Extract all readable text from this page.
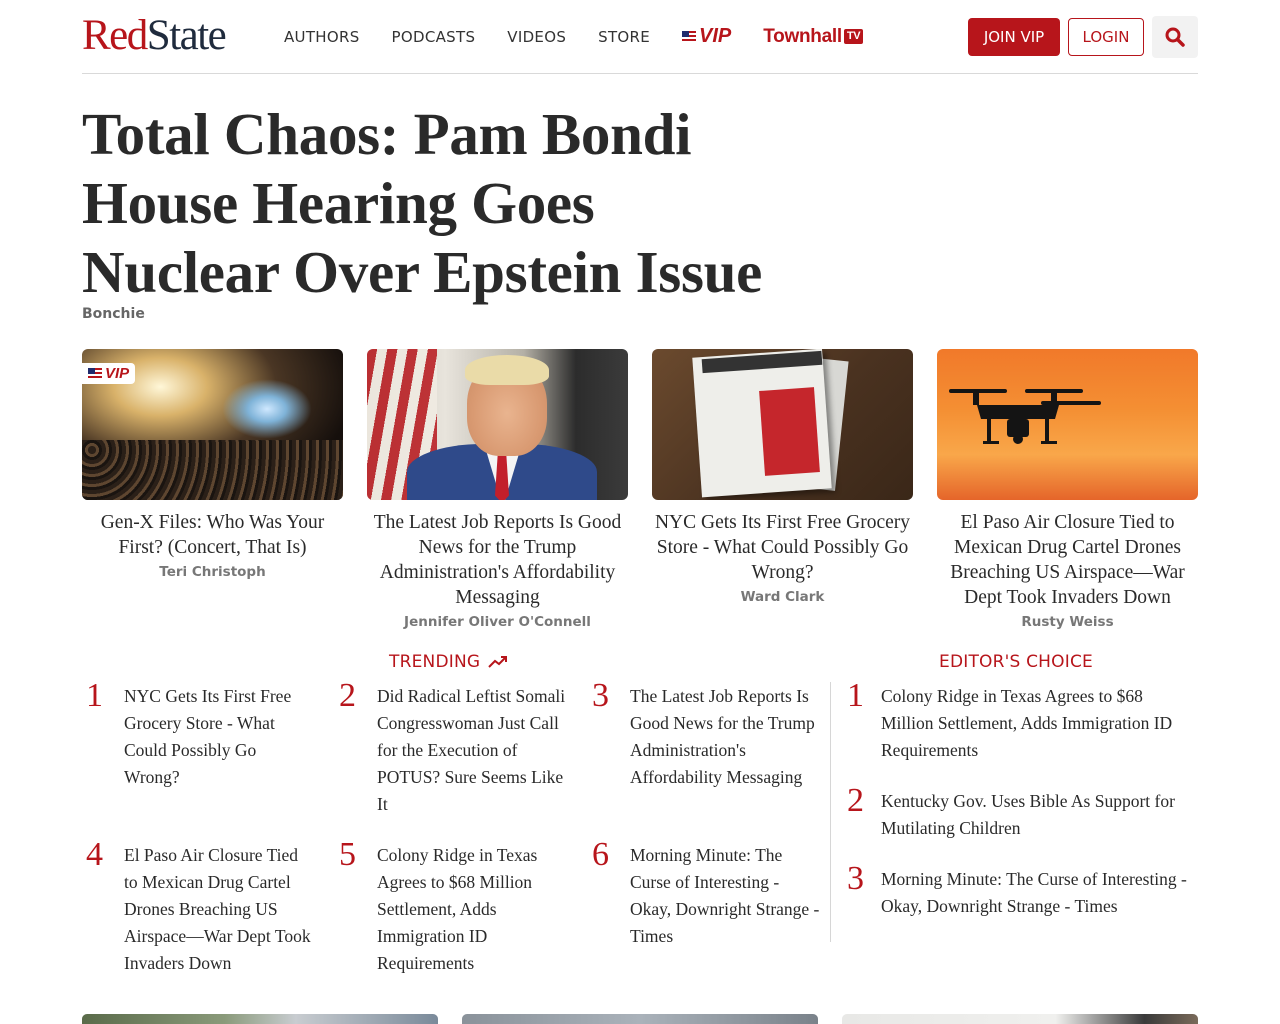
RedState	AUTHORS PODCASTS VIDEOS STORE VIP Townhall TV	JOIN VIP	LOGIN
Total Chaos: Pam Bondi House Hearing Goes Nuclear Over Epstein Issue
Bonchie
VIP
Gen-X Files: Who Was Your First? (Concert, That Is)
Teri Christoph
The Latest Job Reports Is Good News for the Trump Administration's Affordability Messaging
Jennifer Oliver O'Connell
NYC Gets Its First Free Grocery Store - What Could Possibly Go Wrong?
Ward Clark
El Paso Air Closure Tied to Mexican Drug Cartel Drones Breaching US Airspace—War Dept Took Invaders Down
Rusty Weiss
TRENDING
1	NYC Gets Its First Free Grocery Store - What Could Possibly Go Wrong?
2	Did Radical Leftist Somali Congresswoman Just Call for the Execution of POTUS? Sure Seems Like It
3	The Latest Job Reports Is Good News for the Trump Administration's Affordability Messaging
4	El Paso Air Closure Tied to Mexican Drug Cartel Drones Breaching US Airspace—War Dept Took Invaders Down
5	Colony Ridge in Texas Agrees to $68 Million Settlement, Adds Immigration ID Requirements
6	Morning Minute: The Curse of Interesting - Okay, Downright Strange - Times
EDITOR'S CHOICE
1 Colony Ridge in Texas Agrees to $68 Million Settlement, Adds Immigration ID Requirements
2 Kentucky Gov. Uses Bible As Support for Mutilating Children
3 Morning Minute: The Curse of Interesting - Okay, Downright Strange - Times
